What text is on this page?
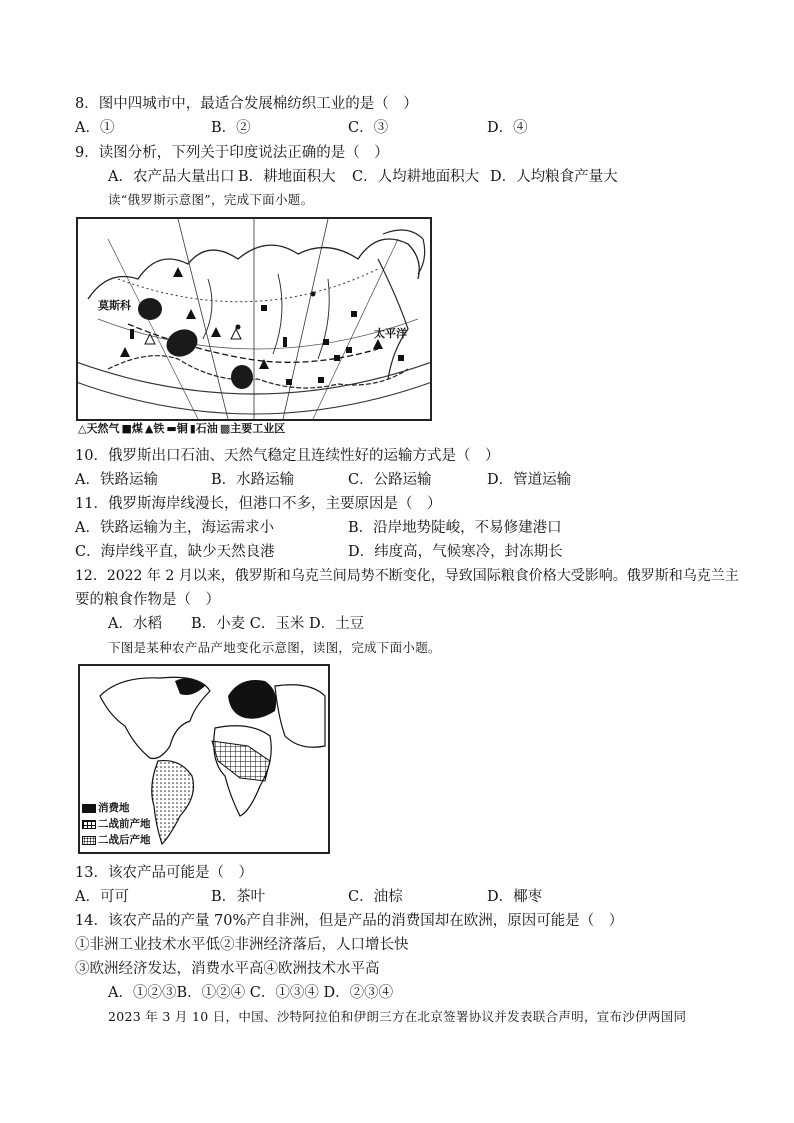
8．图中四城市中，最适合发展棉纺织工业的是（　）
A．①	B．②	C．③	D．④
9．读图分析，下列关于印度说法正确的是（　）
A．农产品大量出口 B．耕地面积大 C．人均耕地面积大 D．人均粮食产量大
读“俄罗斯示意图”，完成下面小题。
莫斯科
太平洋
△天然气 ■煤 ▲铁 ▬铜 ▮石油 ▩主要工业区
10．俄罗斯出口石油、天然气稳定且连续性好的运输方式是（　）
A．铁路运输	B．水路运输	C．公路运输	D．管道运输
11．俄罗斯海岸线漫长，但港口不多，主要原因是（　）
A．铁路运输为主，海运需求小	B．沿岸地势陡峻，不易修建港口
C．海岸线平直，缺少天然良港	D．纬度高，气候寒冷，封冻期长
12．2022 年 2 月以来，俄罗斯和乌克兰间局势不断变化，导致国际粮食价格大受影响。俄罗斯和乌克兰主
要的粮食作物是（　）
A．水稻　　B．小麦 C．玉米 D．土豆
下图是某种农产品产地变化示意图，读图，完成下面小题。
消费地
二战前产地
二战后产地
13．该农产品可能是（　）
A．可可	B．茶叶	C．油棕	D．椰枣
14．该农产品的产量 70%产自非洲，但是产品的消费国却在欧洲，原因可能是（　）
①非洲工业技术水平低②非洲经济落后，人口增长快
③欧洲经济发达，消费水平高④欧洲技术水平高
A．①②③B．①②④ C．①③④ D．②③④
2023 年 3 月 10 日，中国、沙特阿拉伯和伊朗三方在北京签署协议并发表联合声明，宣布沙伊两国同
